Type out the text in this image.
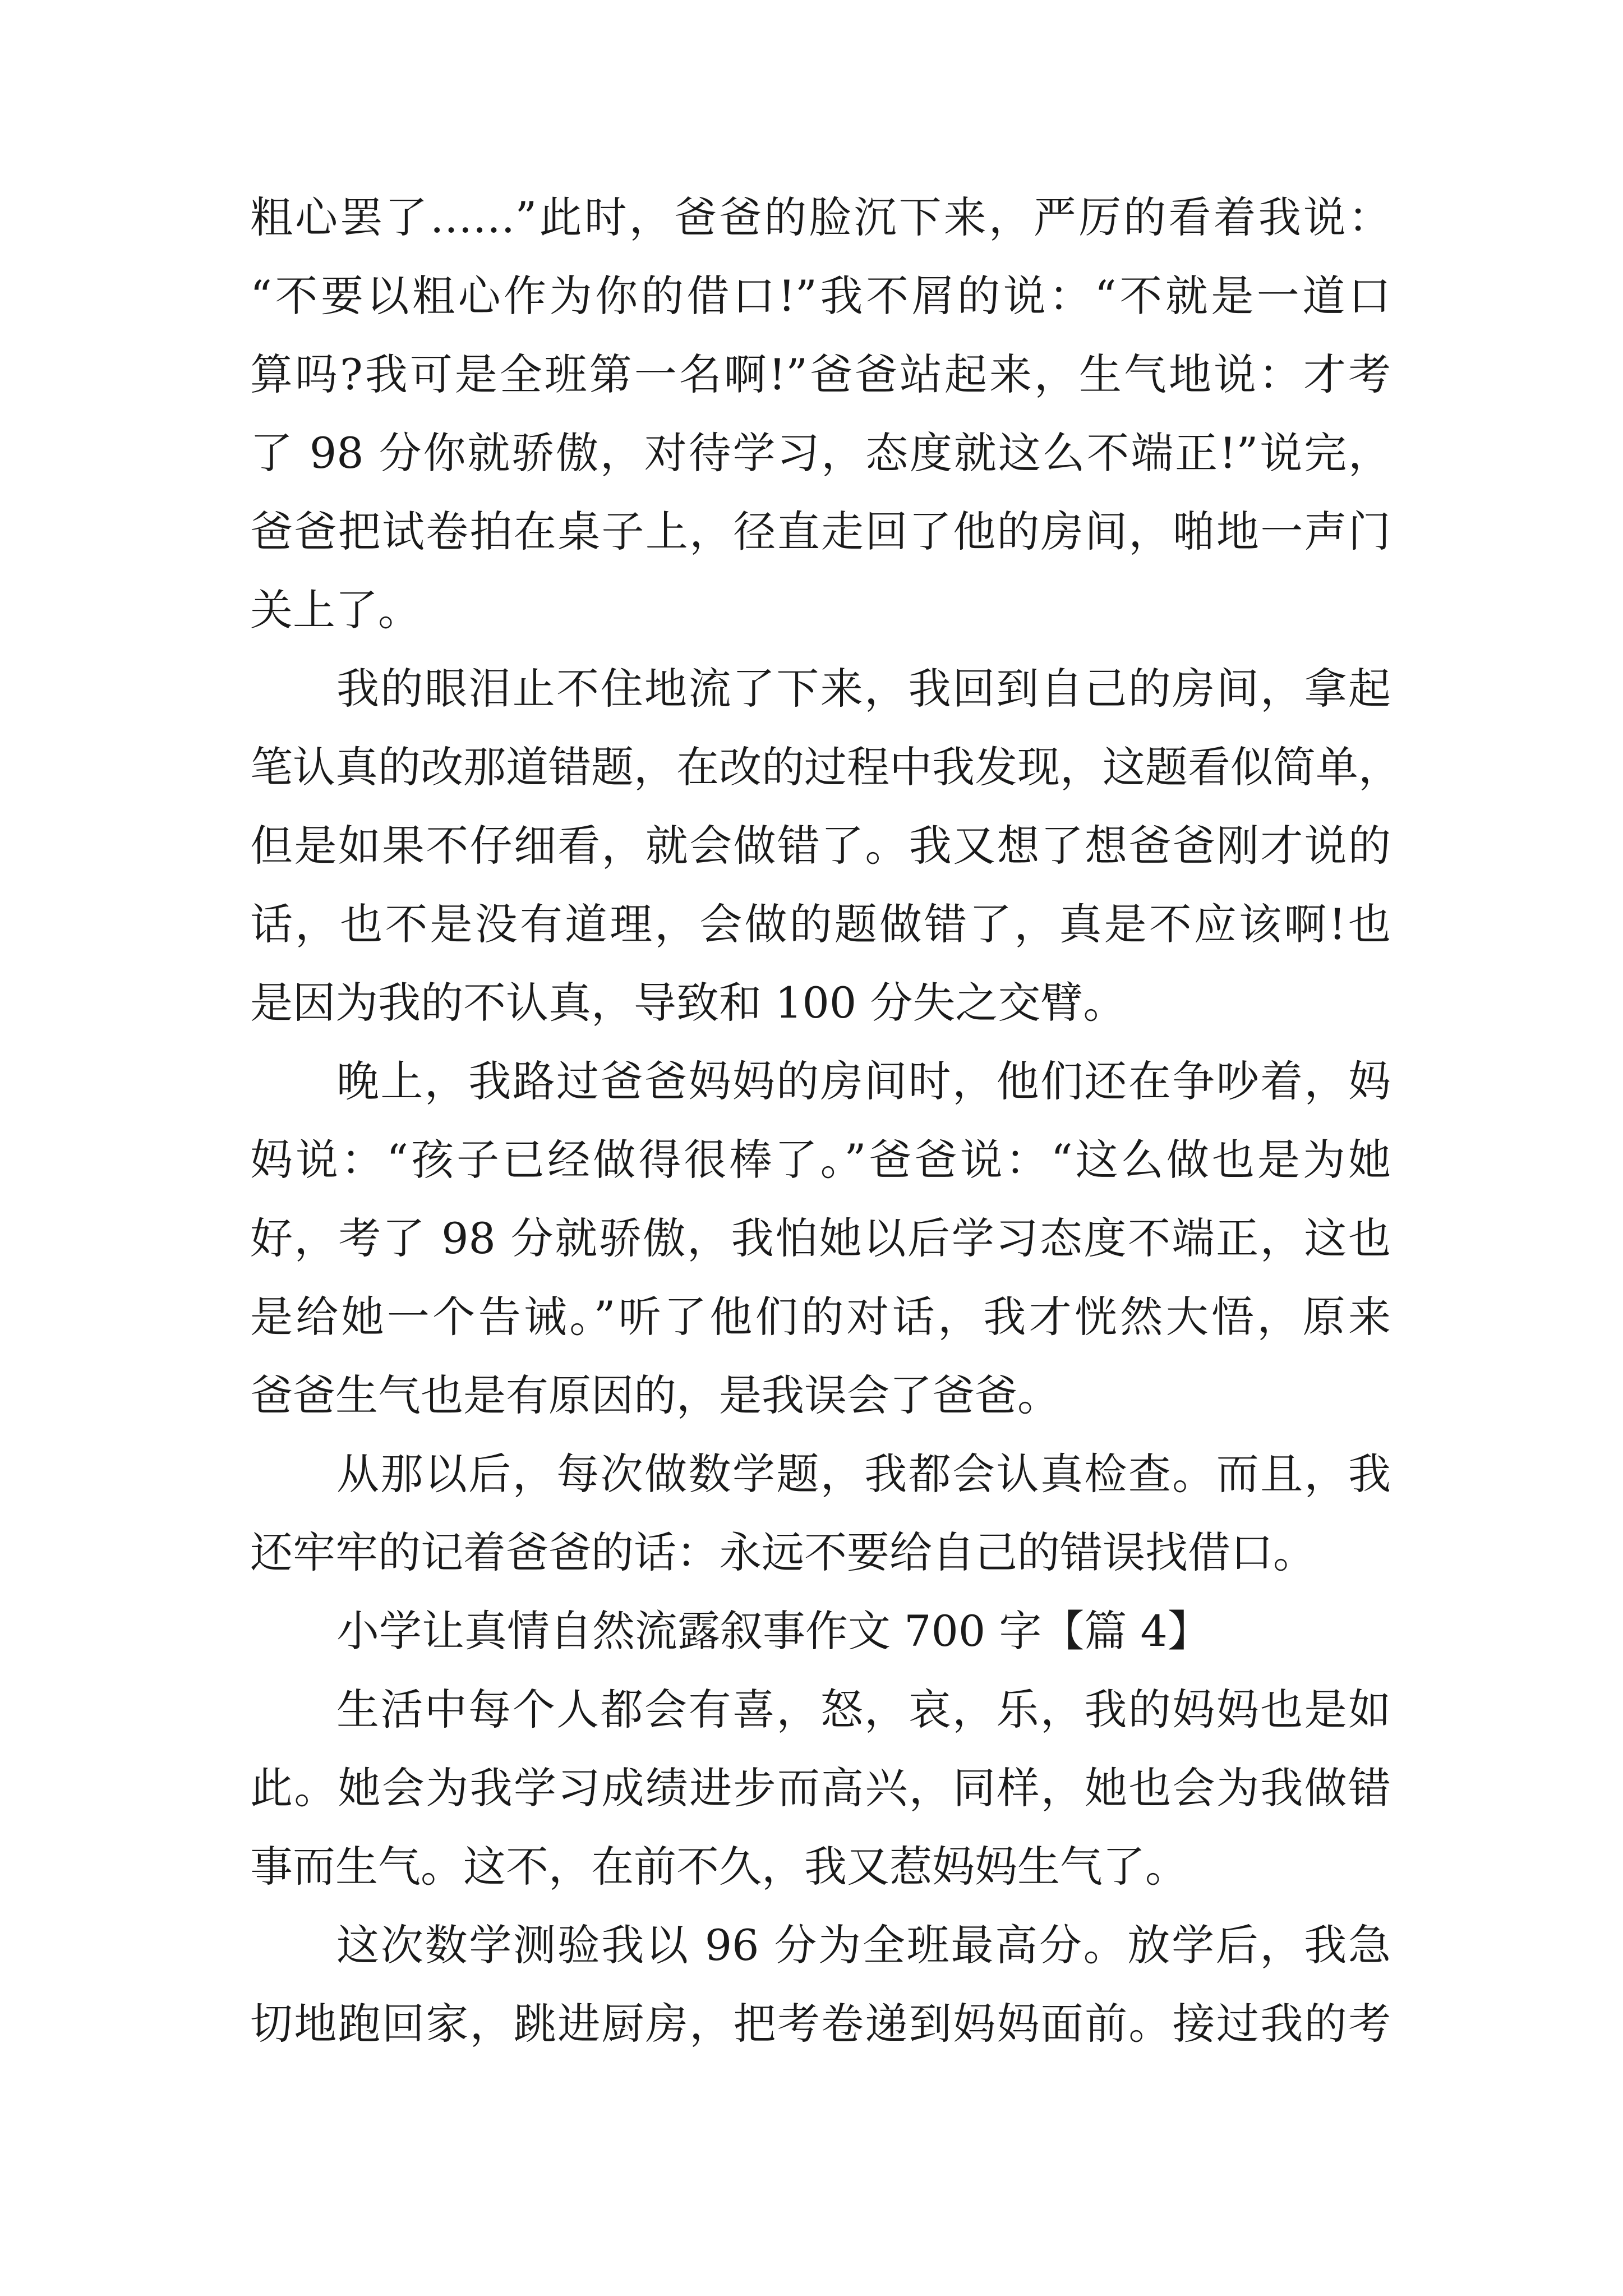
粗心罢了……”此时，爸爸的脸沉下来，严厉的看着我说：
“不要以粗心作为你的借口!”我不屑的说：“不就是一道口
算吗?我可是全班第一名啊!”爸爸站起来，生气地说：才考
了 98 分你就骄傲，对待学习，态度就这么不端正!”说完，
爸爸把试卷拍在桌子上，径直走回了他的房间，啪地一声门
关上了。
我的眼泪止不住地流了下来，我回到自己的房间，拿起
笔认真的改那道错题，在改的过程中我发现，这题看似简单，
但是如果不仔细看，就会做错了。我又想了想爸爸刚才说的
话，也不是没有道理，会做的题做错了，真是不应该啊!也
是因为我的不认真，导致和 100 分失之交臂。
晚上，我路过爸爸妈妈的房间时，他们还在争吵着，妈
妈说：“孩子已经做得很棒了。”爸爸说：“这么做也是为她
好，考了 98 分就骄傲，我怕她以后学习态度不端正，这也
是给她一个告诫。”听了他们的对话，我才恍然大悟，原来
爸爸生气也是有原因的，是我误会了爸爸。
从那以后，每次做数学题，我都会认真检查。而且，我
还牢牢的记着爸爸的话：永远不要给自己的错误找借口。
小学让真情自然流露叙事作文 700 字【篇 4】
生活中每个人都会有喜，怒，哀，乐，我的妈妈也是如
此。她会为我学习成绩进步而高兴，同样，她也会为我做错
事而生气。这不，在前不久，我又惹妈妈生气了。
这次数学测验我以 96 分为全班最高分。放学后，我急
切地跑回家，跳进厨房，把考卷递到妈妈面前。接过我的考
